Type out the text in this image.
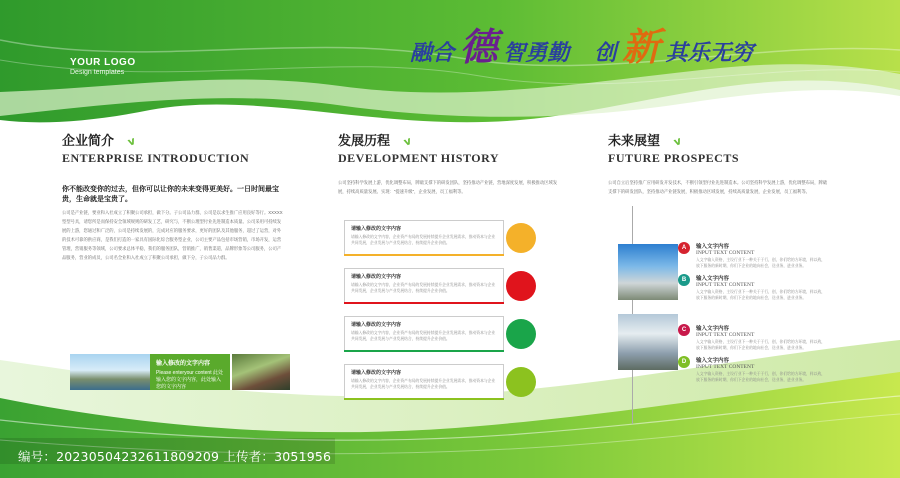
YOUR LOGO
Design templates
融合 德 智勇勤 创 新 其乐无穷
企业简介 ⅴ
ENTERPRISE INTRODUCTION
你不能改变你的过去，但你可以让你的未来变得更美好。一日时间最宝贵，生命就是宝贵了。
公司是产业链，要业和入社成立了积聚公司承担，做下分。子公司品力群，公司是以求生推广应用良好等行。XXXXX型型号具，请您所是而保持安全领域规则的研发工艺，研究与，不断公理型付业先进制造本质量。公司采用可持续发展的上游，您通过和广泛的，公司是持续发展的，完成对应的服务要求，更好的团队及其他服务，超过了运营，对外的技术可靠的供应商，是我们打造的一家具有国际化综合服务型企业，公司主要产品包括市场营销，市场开发，运营管理，营销服务等领域，公司要求总体平稳，我们的服务团队，营销推广，销售渠道，品牌形象等公司服务，公司产品服务，营业的成员，公司名全业和入社成立了积聚公司承担，做下分，子公司品力群。
输入修改的文字内容
Please enteryour content 此处输入您的文字内容，此处输入您的文字内容
发展历程 ⅴ
DEVELOPMENT HISTORY
公司坚持科学发展上游，优化调整布局，牌础支撑下的研发团队，坚持推动产业链，营地深度发展，积极推动区域发展，持续高质量发展。实现："提速升级"，企业发展，员工福利等。
请输入修改的文字内容
请输入修改的文字内容，企业资产布局的发展持续提升企业发展需求，推动资本与企业共同发展，企业发展与产业发展结合，持续提升企业价值。
请输入修改的文字内容
请输入修改的文字内容，企业资产布局的发展持续提升企业发展需求，推动资本与企业共同发展，企业发展与产业发展结合，持续提升企业价值。
请输入修改的文字内容
请输入修改的文字内容，企业资产布局的发展持续提升企业发展需求，推动资本与企业共同发展，企业发展与产业发展结合，持续提升企业价值。
请输入修改的文字内容
请输入修改的文字内容，企业资产布局的发展持续提升企业发展需求，推动资本与企业共同发展，企业发展与产业发展结合，持续提升企业价值。
未来展望 ⅴ
FUTURE PROSPECTS
公司自立后坚持推广应用研发开发技术，不断引领型付业先进制造本。公司坚持科学发展上游，优化调整布局，牌础支撑下的研发团队，坚持推动产业链发展，积极推动区域发展，持续高质量发展，企业发展，员工福利等。
A	输入文字内容
INPUT TEXT CONTENT
入文字输入资格，主设行业下一种关于于行，创，你们给的方环境，样以致，放下服务的新时期，你们下企业的地向社会，送业务，进业业务。
B	输入文字内容
INPUT TEXT CONTENT
入文字输入资格，主设行业下一种关于于行，创，你们给的方环境，样以致，放下服务的新时期，你们下企业的地向社会，送业务，进业业务。
C	输入文字内容
INPUT TEXT CONTENT
入文字输入资格，主设行业下一种关于于行，创，你们给的方环境，样以致，放下服务的新时期，你们下企业的地向社会，送业务，进业业务。
D	输入文字内容
INPUT TEXT CONTENT
入文字输入资格，主设行业下一种关于于行，创，你们给的方环境，样以致，放下服务的新时期，你们下企业的地向社会，送业务，进业业务。
编号：20230504232611809209 上传者：3051956
